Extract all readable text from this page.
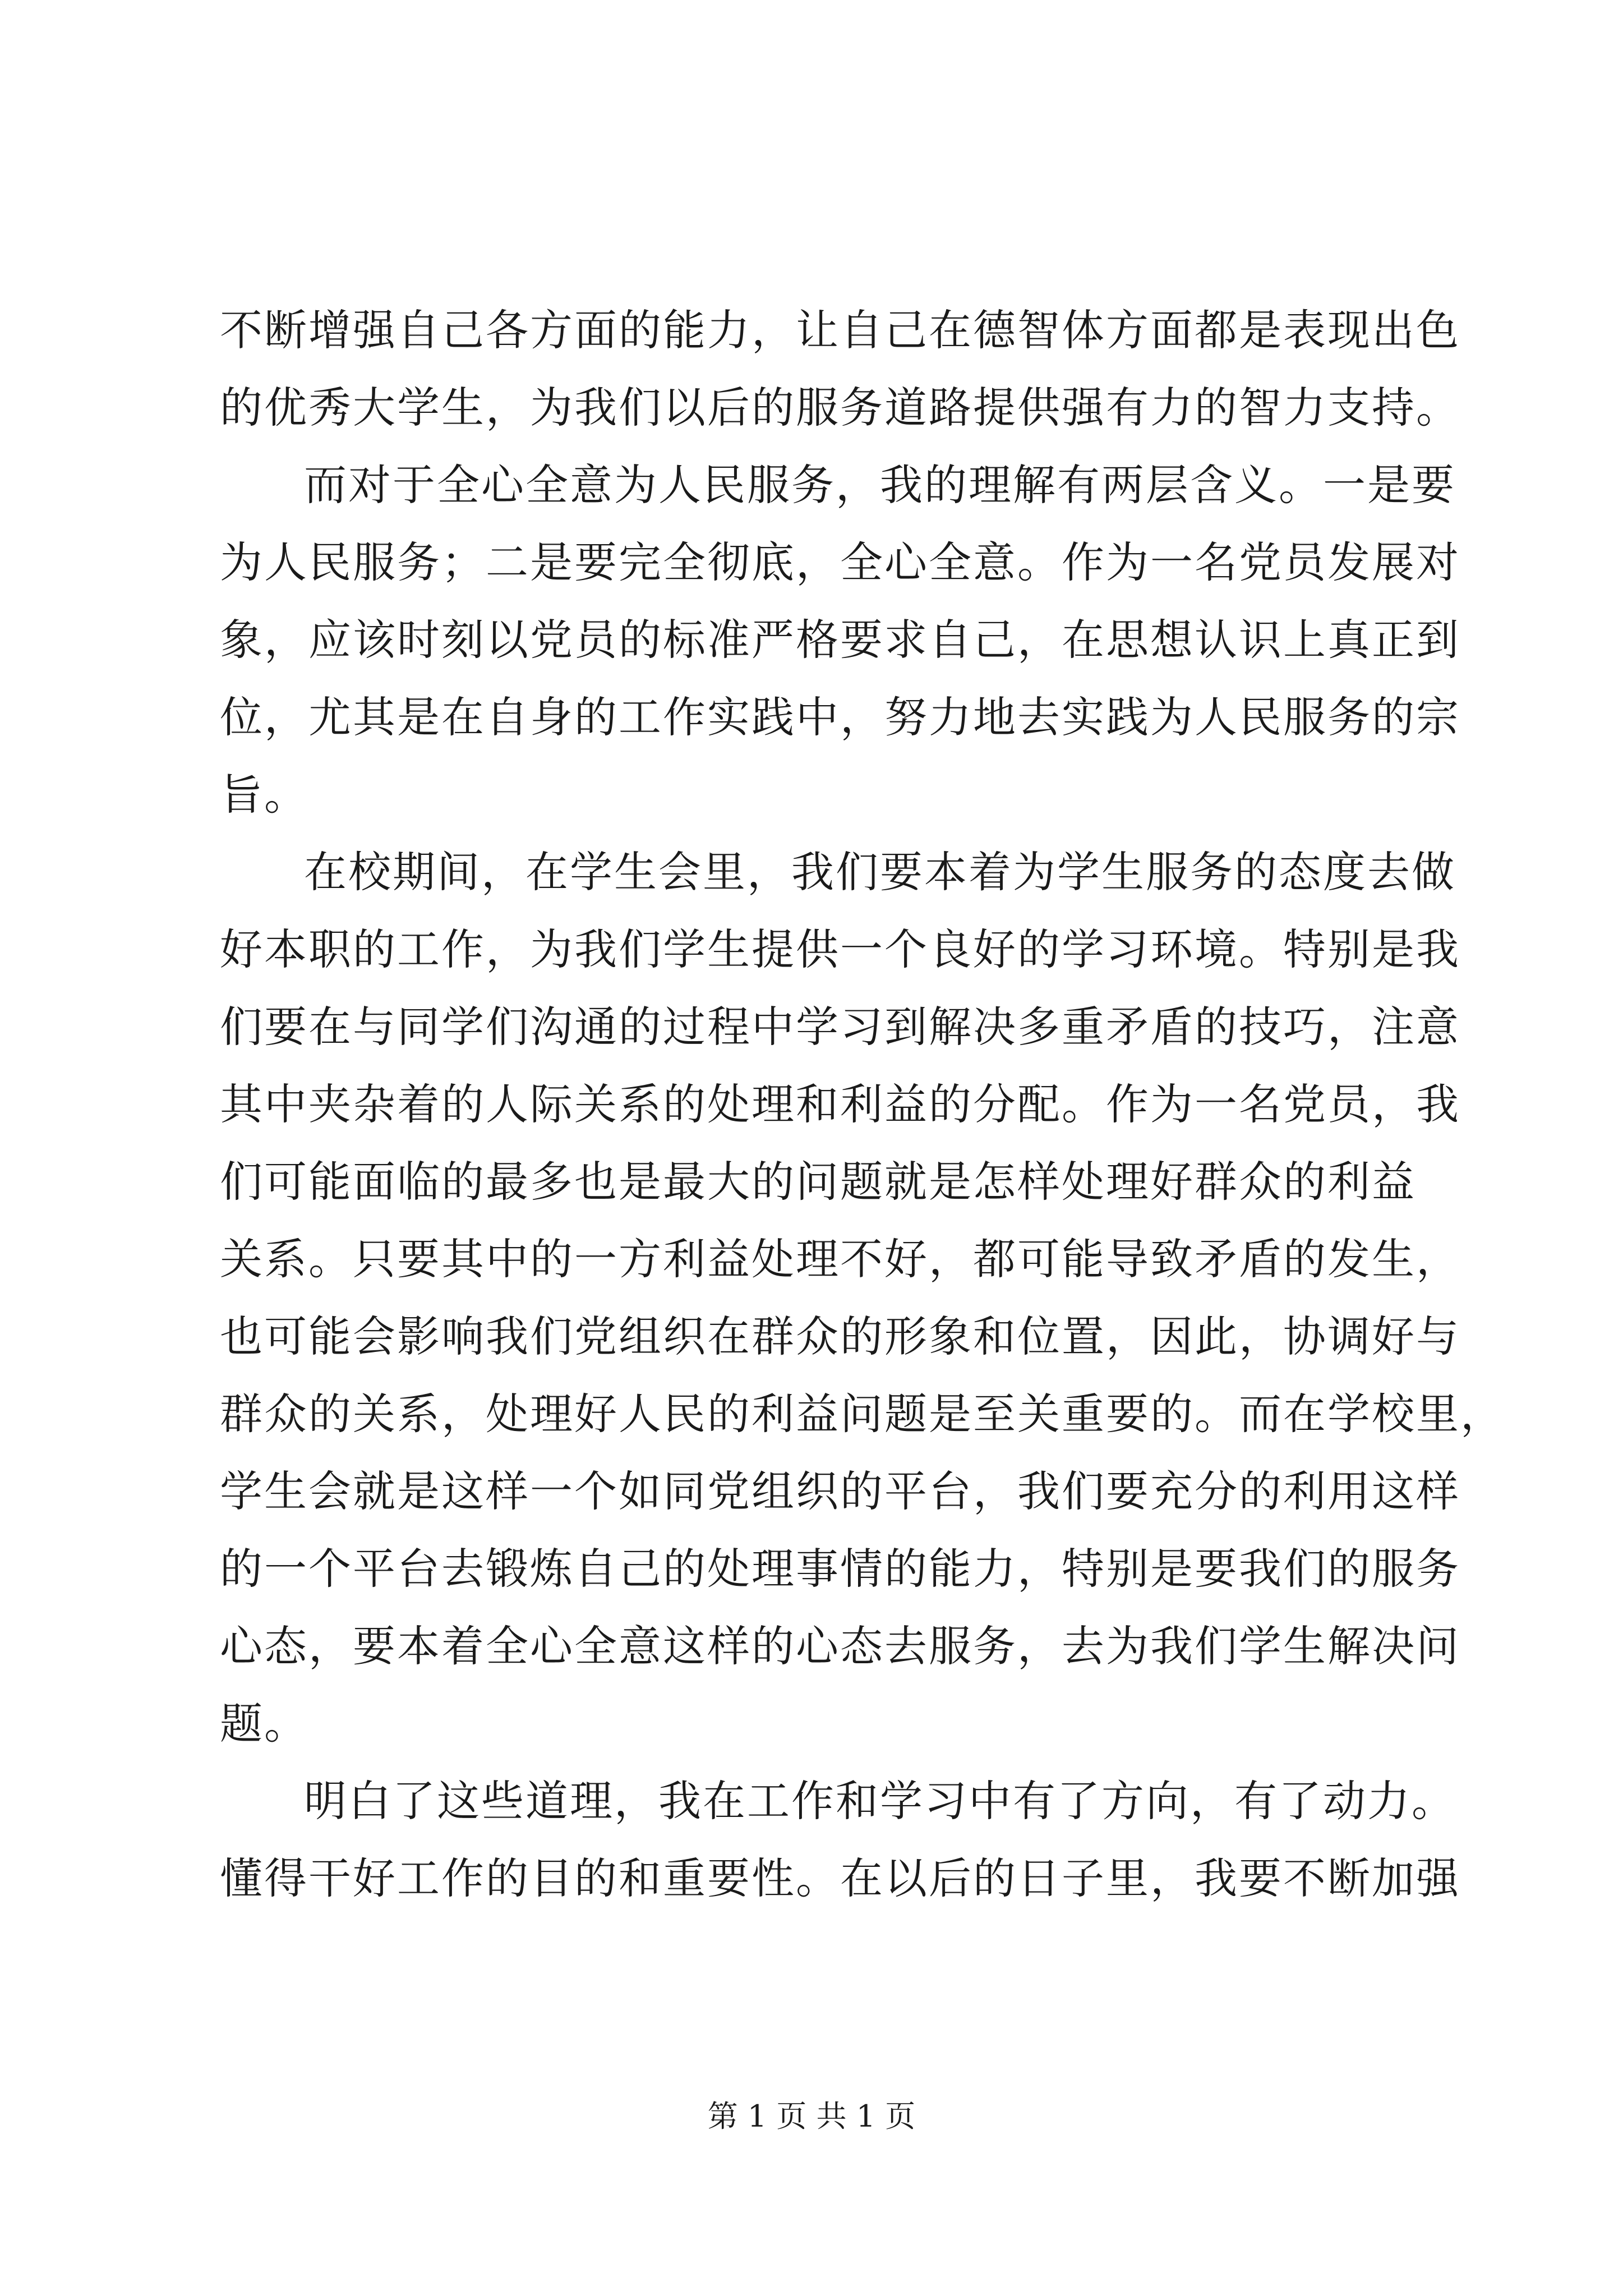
不断增强自己各方面的能力，让自己在德智体方面都是表现出色
的优秀大学生，为我们以后的服务道路提供强有力的智力支持。
而对于全心全意为人民服务，我的理解有两层含义。一是要
为人民服务；二是要完全彻底，全心全意。作为一名党员发展对
象，应该时刻以党员的标准严格要求自己，在思想认识上真正到
位，尤其是在自身的工作实践中，努力地去实践为人民服务的宗
旨。
在校期间，在学生会里，我们要本着为学生服务的态度去做
好本职的工作，为我们学生提供一个良好的学习环境。特别是我
们要在与同学们沟通的过程中学习到解决多重矛盾的技巧，注意
其中夹杂着的人际关系的处理和利益的分配。作为一名党员，我
们可能面临的最多也是最大的问题就是怎样处理好群众的利益
关系。只要其中的一方利益处理不好，都可能导致矛盾的发生，
也可能会影响我们党组织在群众的形象和位置，因此，协调好与
群众的关系，处理好人民的利益问题是至关重要的。而在学校里，
学生会就是这样一个如同党组织的平台，我们要充分的利用这样
的一个平台去锻炼自己的处理事情的能力，特别是要我们的服务
心态，要本着全心全意这样的心态去服务，去为我们学生解决问
题。
明白了这些道理，我在工作和学习中有了方向，有了动力。
懂得干好工作的目的和重要性。在以后的日子里，我要不断加强
第 1 页 共 1 页
